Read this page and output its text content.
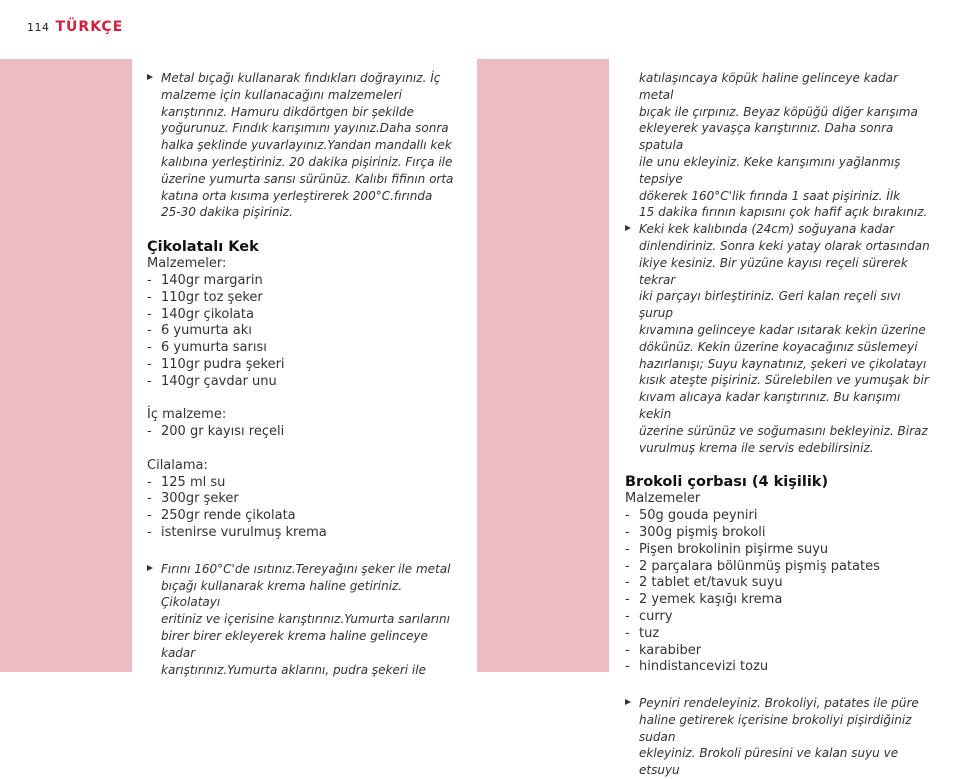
114 TÜRKÇE

Metal bıçağı kullanarak fındıkları doğrayınız. İç

malzeme için kullanacağını malzemeleri

karıştırınız. Hamuru dikdörtgen bir şekilde

yoğurunuz. Fındık karışımını yayınız.Daha sonra

halka şeklinde yuvarlayınız.Yandan mandallı kek

kalıbına yerleştiriniz. 20 dakika pişiriniz. Fırça ile

üzerine yumurta sarısı sürünüz. Kalıbı fiﬁnın orta

katına orta kısıma yerleştirerek 200°C.fırında

25-30 dakika pişiriniz.

Çikolatalı Kek
Malzemeler:
- 140gr margarin
- 110gr toz şeker
- 140gr çikolata
- 6 yumurta akı
- 6 yumurta sarısı
- 110gr pudra şekeri
- 140gr çavdar unu
İç malzeme:
- 200 gr kayısı reçeli
Cilalama:
- 125 ml su
- 300gr şeker
- 250gr rende çikolata
- istenirse vurulmuş krema

Fırını 160°C'de ısıtınız.Tereyağını şeker ile metal

bıçağı kullanarak krema haline getiriniz. Çikolatayı

eritiniz ve içerisine karıştırınız.Yumurta sarılarını

birer birer ekleyerek krema haline gelinceye kadar

karıştırınız.Yumurta aklarını, pudra şekeri ile

katılaşıncaya köpük haline gelinceye kadar metal

bıçak ile çırpınız. Beyaz köpüğü diğer karışıma

ekleyerek yavaşça karıştırınız. Daha sonra spatula

ile unu ekleyiniz. Keke karışımını yağlanmış tepsiye

dökerek 160°C'lik fırında 1 saat pişiriniz. İlk

15 dakika fırının kapısını çok hafif açık bırakınız.

Keki kek kalıbında (24cm) soğuyana kadar

dinlendiriniz. Sonra keki yatay olarak ortasından

ikiye kesiniz. Bir yüzüne kayısı reçeli sürerek tekrar

iki parçayı birleştiriniz. Geri kalan reçeli sıvı şurup

kıvamına gelinceye kadar ısıtarak kekin üzerine

dökünüz. Kekin üzerine koyacağınız süslemeyi

hazırlanışı; Suyu kaynatınız, şekeri ve çikolatayı

kısık ateşte pişiriniz. Sürelebilen ve yumuşak bir

kıvam alıcaya kadar karıştırınız. Bu karışımı kekin

üzerine sürünüz ve soğumasını bekleyiniz. Biraz

vurulmuş krema ile servis edebilirsiniz.

Brokoli çorbası (4 kişilik)
Malzemeler
- 50g gouda peyniri
- 300g pişmiş brokoli
- Pişen brokolinin pişirme suyu
- 2 parçalara bölünmüş pişmiş patates
- 2 tablet et/tavuk suyu
- 2 yemek kaşığı krema
- curry
- tuz
- karabiber
- hindistancevizi tozu

Peyniri rendeleyiniz. Brokoliyi, patates ile püre

haline getirerek içerisine brokoliyi pişirdiğiniz sudan

ekleyiniz. Brokoli püresini ve kalan suyu ve etsuyu
